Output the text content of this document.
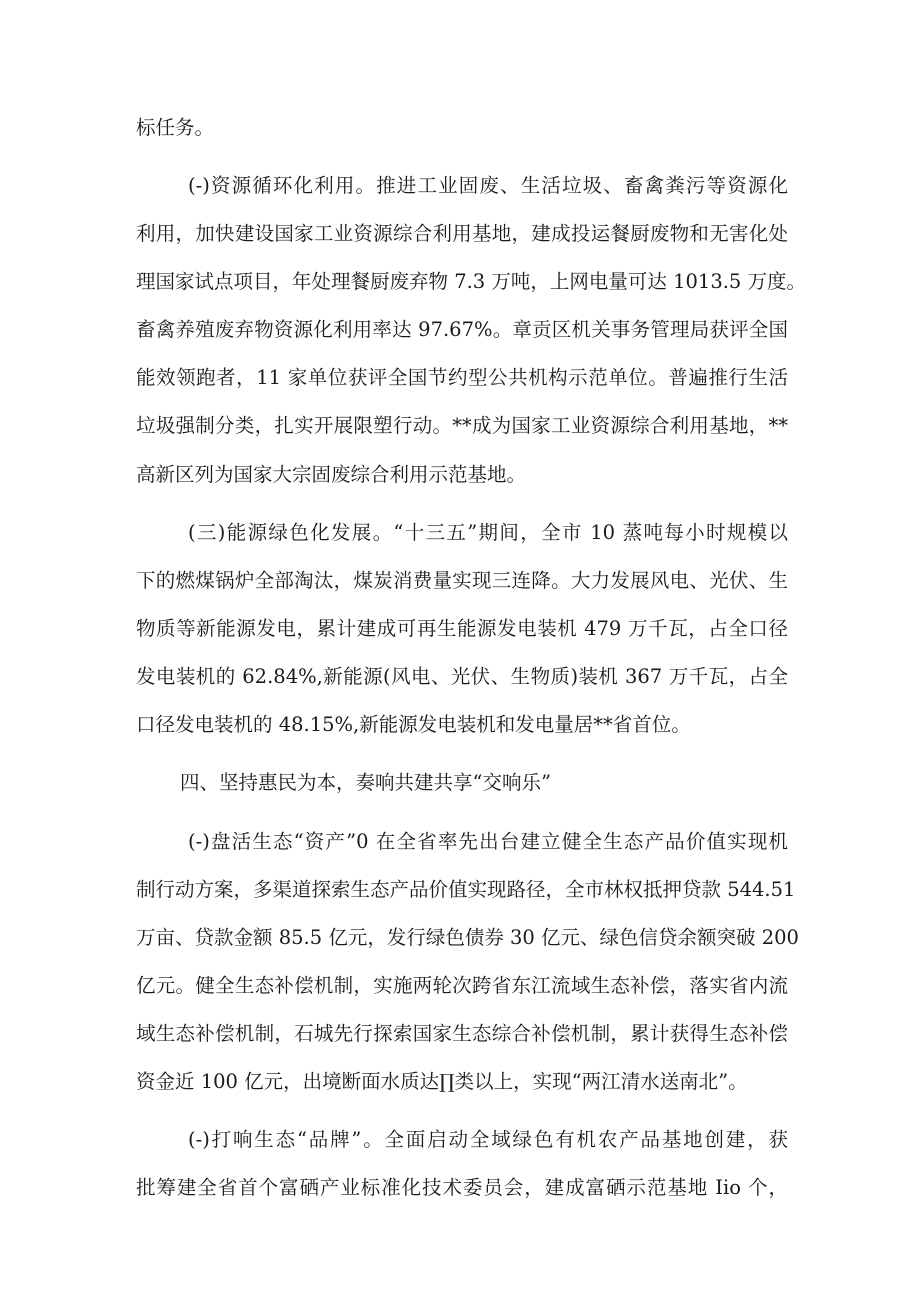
标任务。
(-)资源循环化利用。推进工业固废、生活垃圾、畜禽粪污等资源化
利用，加快建设国家工业资源综合利用基地，建成投运餐厨废物和无害化处
理国家试点项目，年处理餐厨废弃物 7.3 万吨，上网电量可达 1013.5 万度。
畜禽养殖废弃物资源化利用率达 97.67%。章贡区机关事务管理局获评全国
能效领跑者，11 家单位获评全国节约型公共机构示范单位。普遍推行生活
垃圾强制分类，扎实开展限塑行动。**成为国家工业资源综合利用基地，**
高新区列为国家大宗固废综合利用示范基地。
(三)能源绿色化发展。“十三五”期间，全市 10 蒸吨每小时规模以
下的燃煤锅炉全部淘汰，煤炭消费量实现三连降。大力发展风电、光伏、生
物质等新能源发电，累计建成可再生能源发电装机 479 万千瓦，占全口径
发电装机的 62.84%,新能源(风电、光伏、生物质)装机 367 万千瓦，占全
口径发电装机的 48.15%,新能源发电装机和发电量居**省首位。
四、坚持惠民为本，奏响共建共享“交响乐”
(-)盘活生态“资产”0 在全省率先出台建立健全生态产品价值实现机
制行动方案，多渠道探索生态产品价值实现路径，全市林权抵押贷款 544.51
万亩、贷款金额 85.5 亿元，发行绿色债券 30 亿元、绿色信贷余额突破 200
亿元。健全生态补偿机制，实施两轮次跨省东江流域生态补偿，落实省内流
域生态补偿机制，石城先行探索国家生态综合补偿机制，累计获得生态补偿
资金近 100 亿元，出境断面水质达∏类以上，实现“两江清水送南北”。
(-)打响生态“品牌”。全面启动全域绿色有机农产品基地创建，获
批筹建全省首个富硒产业标准化技术委员会，建成富硒示范基地 Iio 个，
